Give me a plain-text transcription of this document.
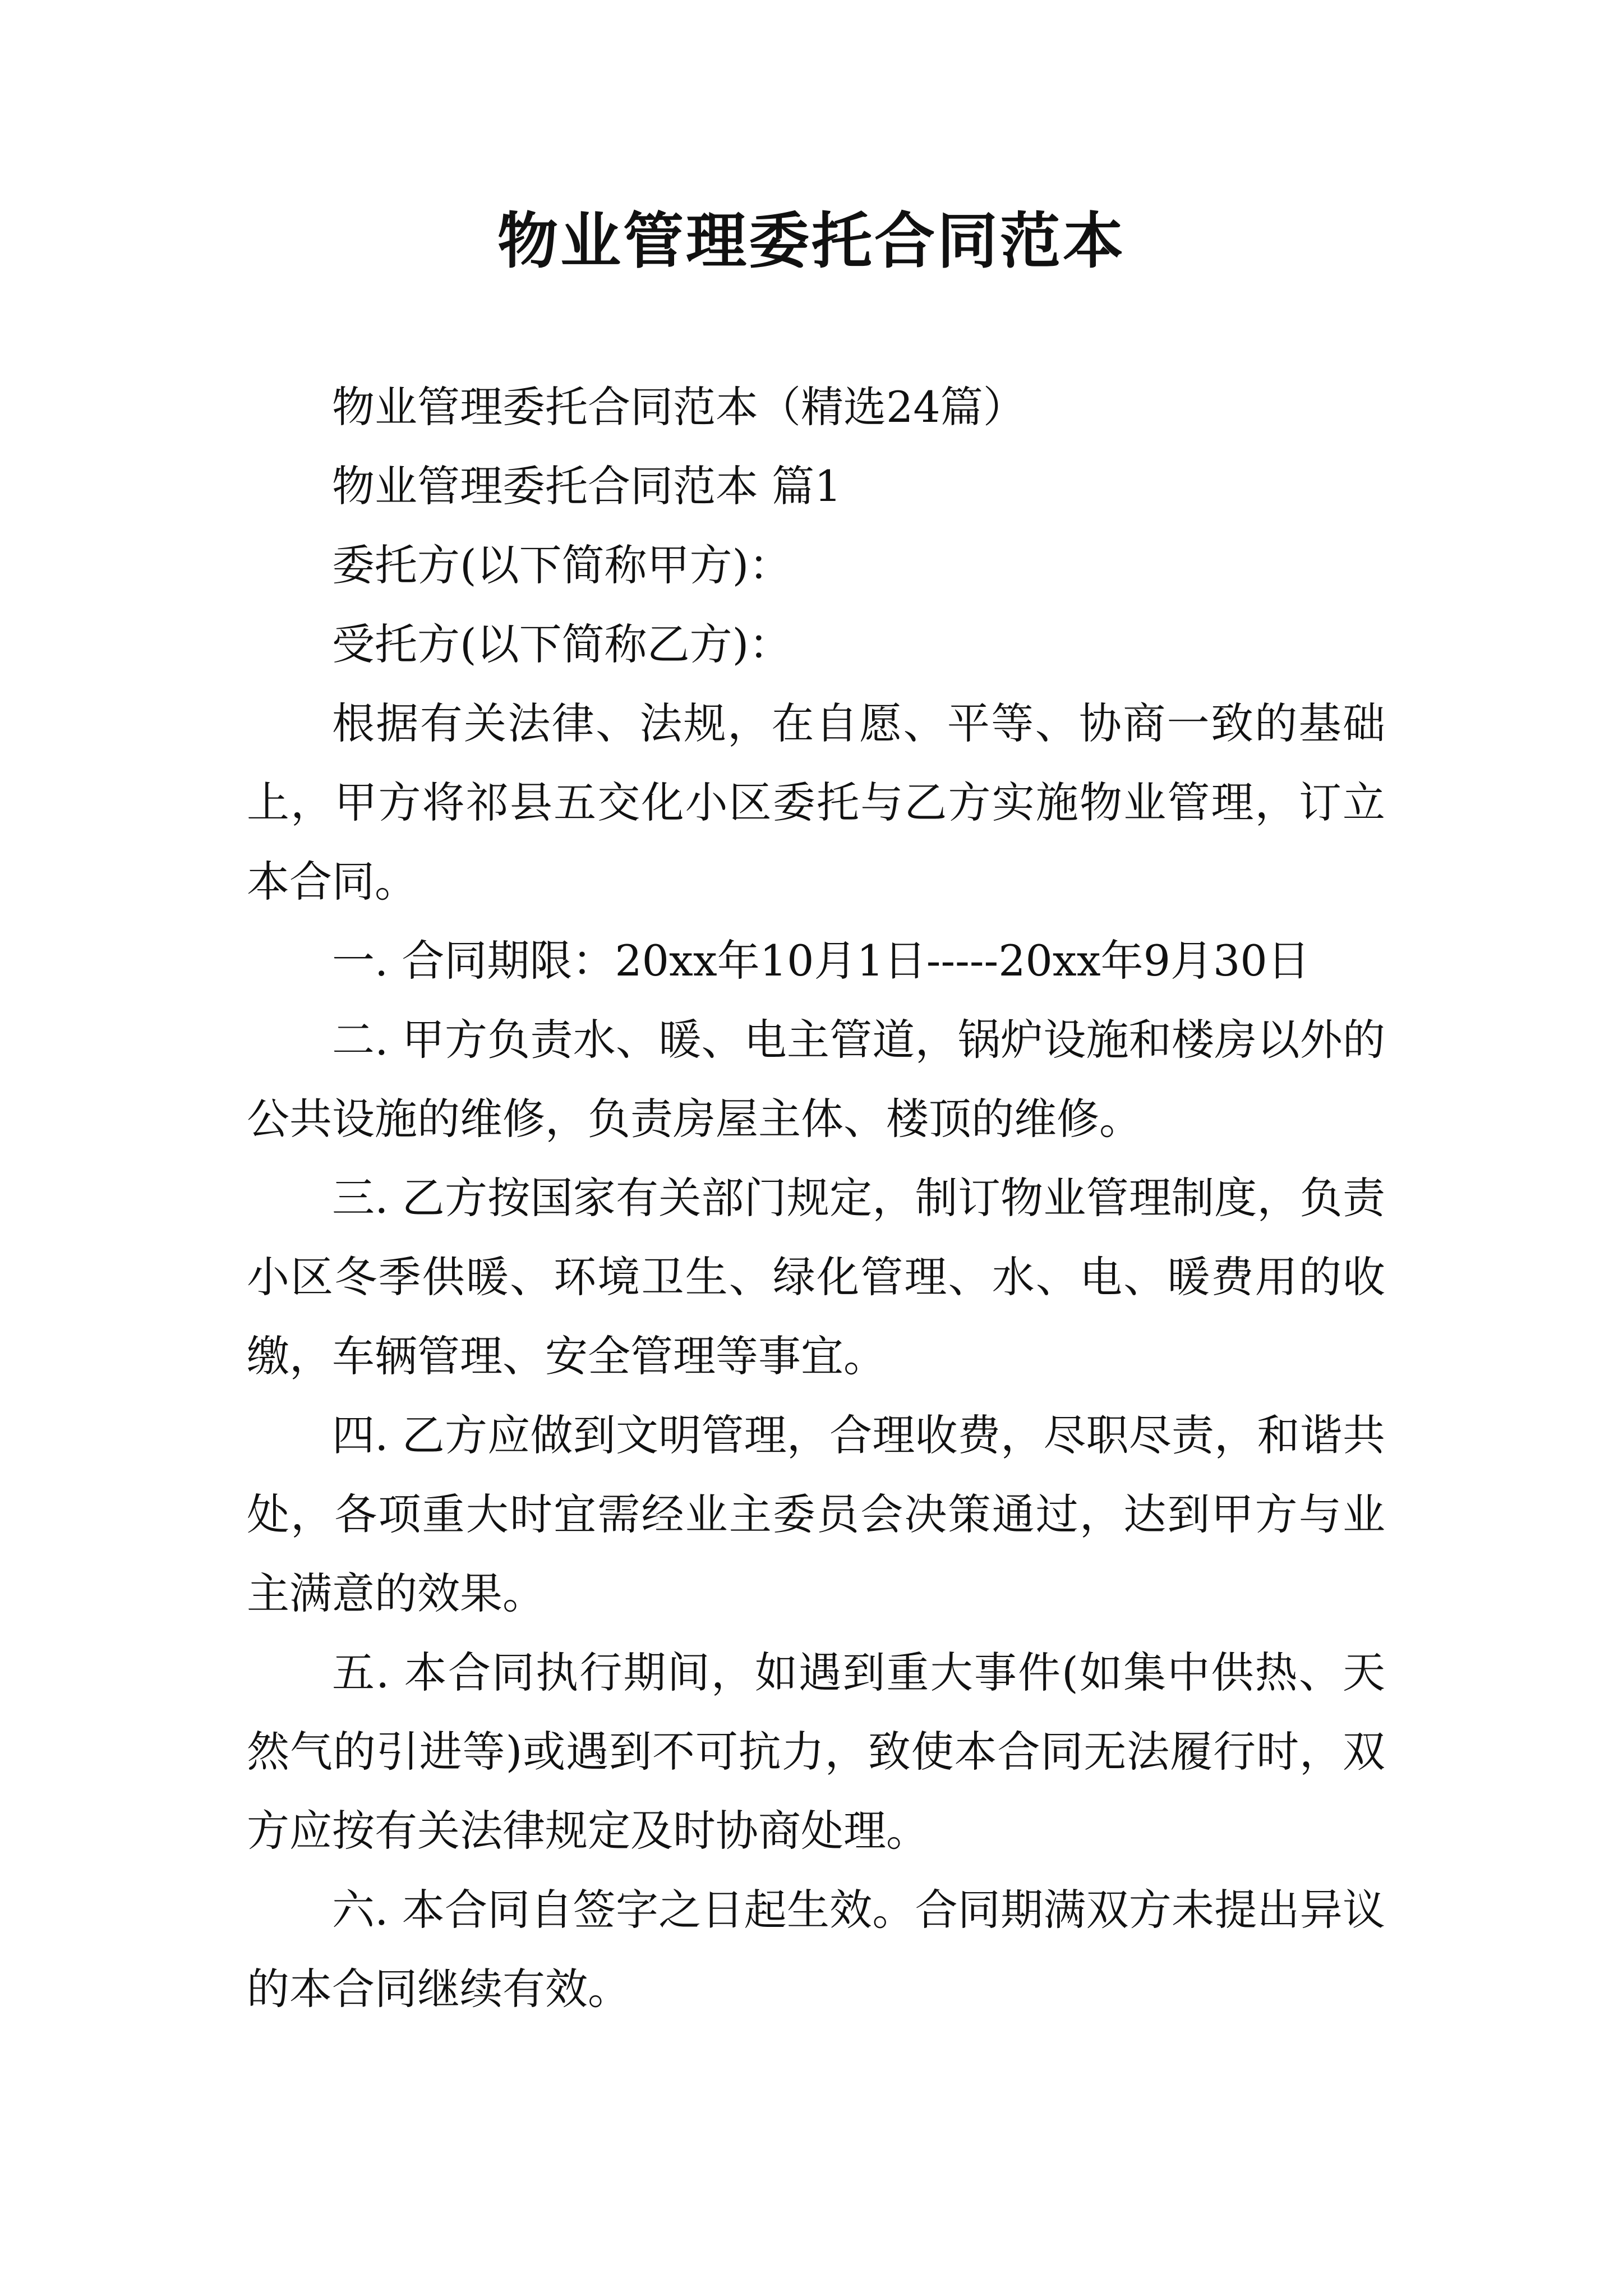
物业管理委托合同范本

物业管理委托合同范本（精选24篇）

物业管理委托合同范本 篇1

委托方(以下简称甲方)：

受托方(以下简称乙方)：

根据有关法律、法规，在自愿、平等、协商一致的基础上，甲方将祁县五交化小区委托与乙方实施物业管理，订立本合同。

一. 合同期限：20xx年10月1日-----20xx年9月30日

二. 甲方负责水、暖、电主管道，锅炉设施和楼房以外的公共设施的维修，负责房屋主体、楼顶的维修。

三. 乙方按国家有关部门规定，制订物业管理制度，负责小区冬季供暖、环境卫生、绿化管理、水、电、暖费用的收缴，车辆管理、安全管理等事宜。

四. 乙方应做到文明管理，合理收费，尽职尽责，和谐共处，各项重大时宜需经业主委员会决策通过，达到甲方与业主满意的效果。

五. 本合同执行期间，如遇到重大事件(如集中供热、天然气的引进等)或遇到不可抗力，致使本合同无法履行时，双方应按有关法律规定及时协商处理。

六. 本合同自签字之日起生效。合同期满双方未提出异议的本合同继续有效。
